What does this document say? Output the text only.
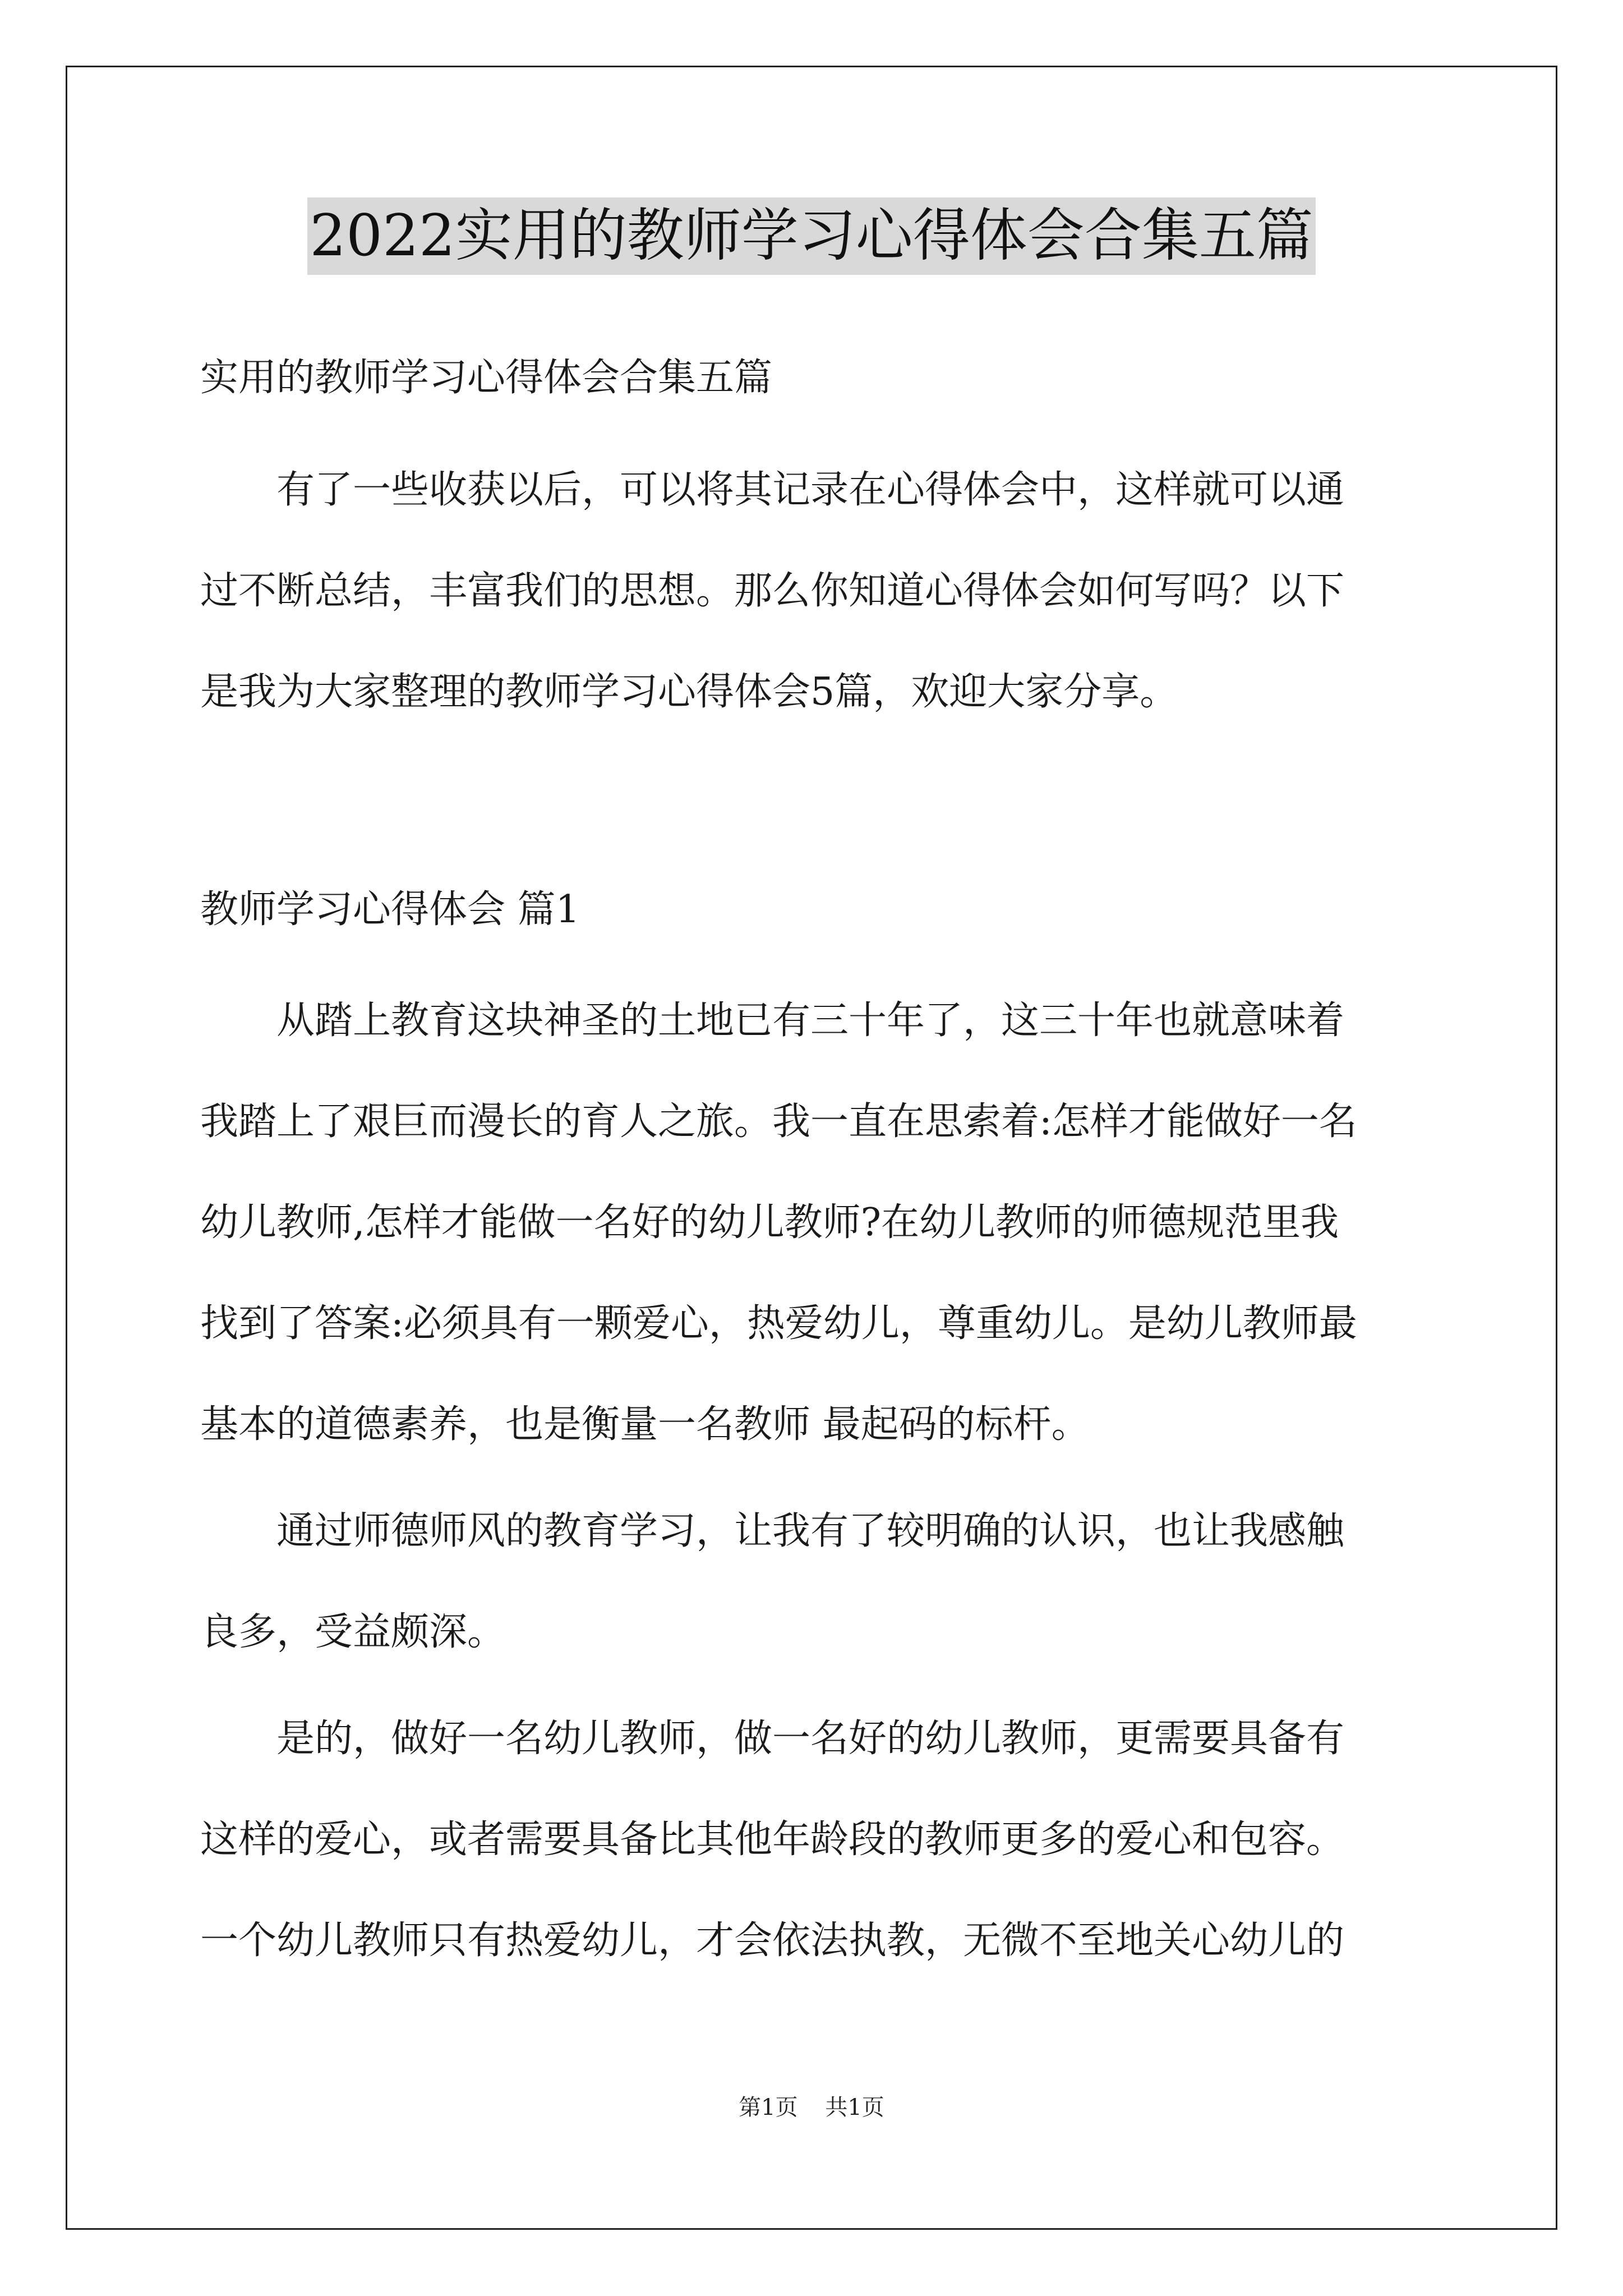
2022实用的教师学习心得体会合集五篇
实用的教师学习心得体会合集五篇
有了一些收获以后，可以将其记录在心得体会中，这样就可以通
过不断总结，丰富我们的思想。那么你知道心得体会如何写吗？以下
是我为大家整理的教师学习心得体会5篇，欢迎大家分享。
教师学习心得体会 篇1
从踏上教育这块神圣的土地已有三十年了，这三十年也就意味着
我踏上了艰巨而漫长的育人之旅。我一直在思索着:怎样才能做好一名
幼儿教师,怎样才能做一名好的幼儿教师?在幼儿教师的师德规范里我
找到了答案:必须具有一颗爱心，热爱幼儿，尊重幼儿。是幼儿教师最
基本的道德素养，也是衡量一名教师 最起码的标杆。
通过师德师风的教育学习，让我有了较明确的认识，也让我感触
良多，受益颇深。
是的，做好一名幼儿教师，做一名好的幼儿教师，更需要具备有
这样的爱心，或者需要具备比其他年龄段的教师更多的爱心和包容。
一个幼儿教师只有热爱幼儿，才会依法执教，无微不至地关心幼儿的
第1页 共1页
